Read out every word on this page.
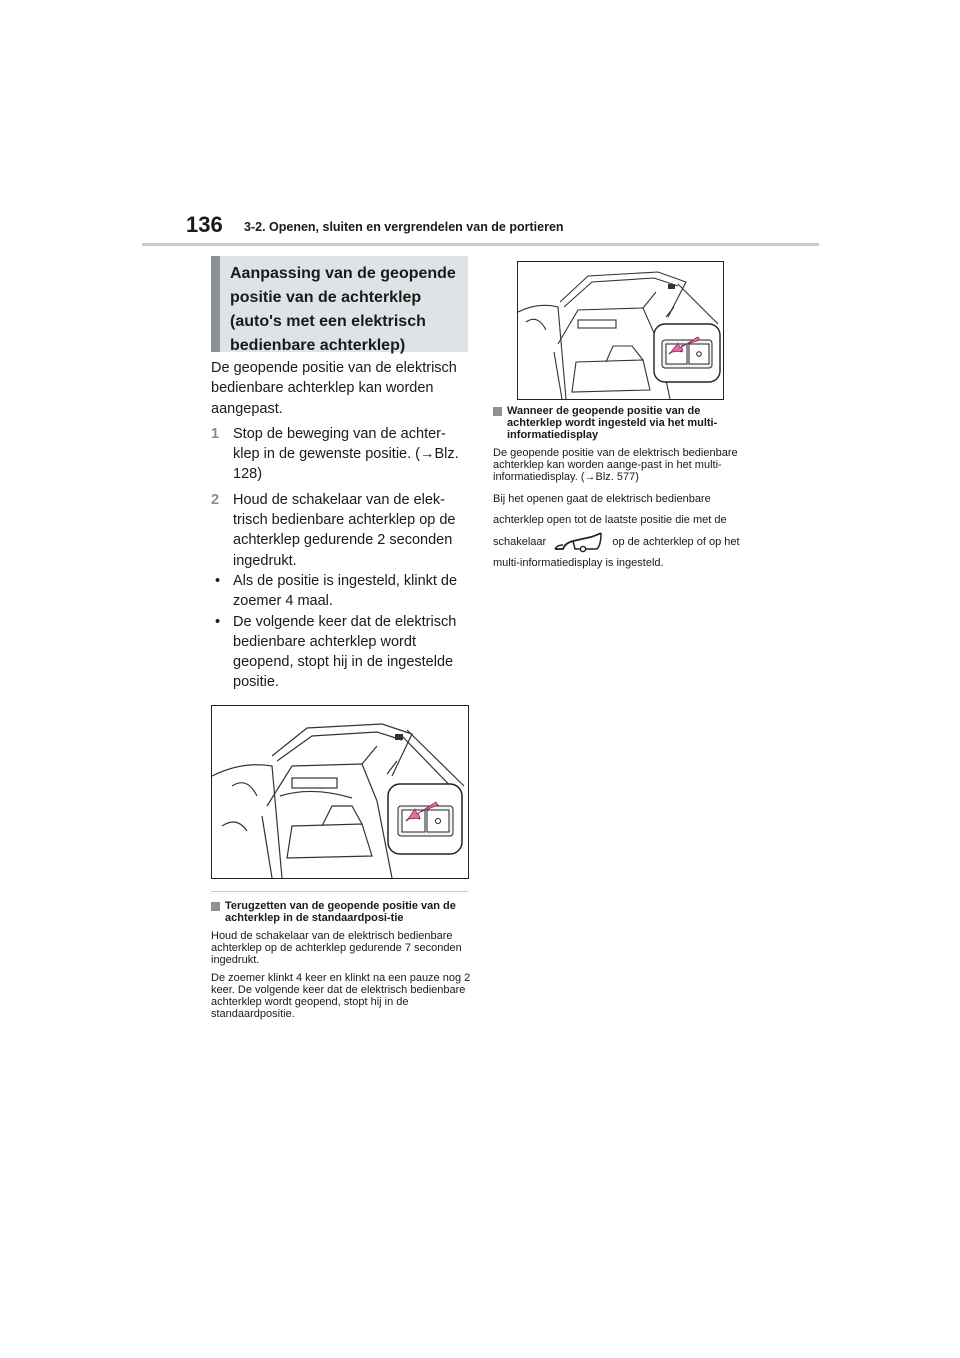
136 3-2. Openen, sluiten en vergrendelen van de portieren
Aanpassing van de geopende positie van de achterklep (auto's met een elektrisch bedienbare achterklep)

De geopende positie van de elektrisch bedienbare achterklep kan worden aangepast.

1 Stop de beweging van de achter-klep in de gewenste positie. (→Blz. 128)
2 Houd de schakelaar van de elek-trisch bedienbare achterklep op de achterklep gedurende 2 seconden ingedrukt.
• Als de positie is ingesteld, klinkt de zoemer 4 maal.
• De volgende keer dat de elektrisch bedienbare achterklep wordt geopend, stopt hij in de ingestelde positie.

Terugzetten van de geopende positie van de achterklep in de standaardposi-tie

Houd de schakelaar van de elektrisch bedienbare achterklep op de achterklep gedurende 7 seconden ingedrukt.

De zoemer klinkt 4 keer en klinkt na een pauze nog 2 keer. De volgende keer dat de elektrisch bedienbare achterklep wordt geopend, stopt hij in de standaardpositie.

Wanneer de geopende positie van de achterklep wordt ingesteld via het multi-informatiedisplay

De geopende positie van de elektrisch bedienbare achterklep kan worden aange-past in het multi-informatiedisplay. (→Blz. 577)

Bij het openen gaat de elektrisch bedienbare achterklep open tot de laatste positie die met de schakelaar	op de achterklep of op het multi-informatiedisplay is ingesteld.
